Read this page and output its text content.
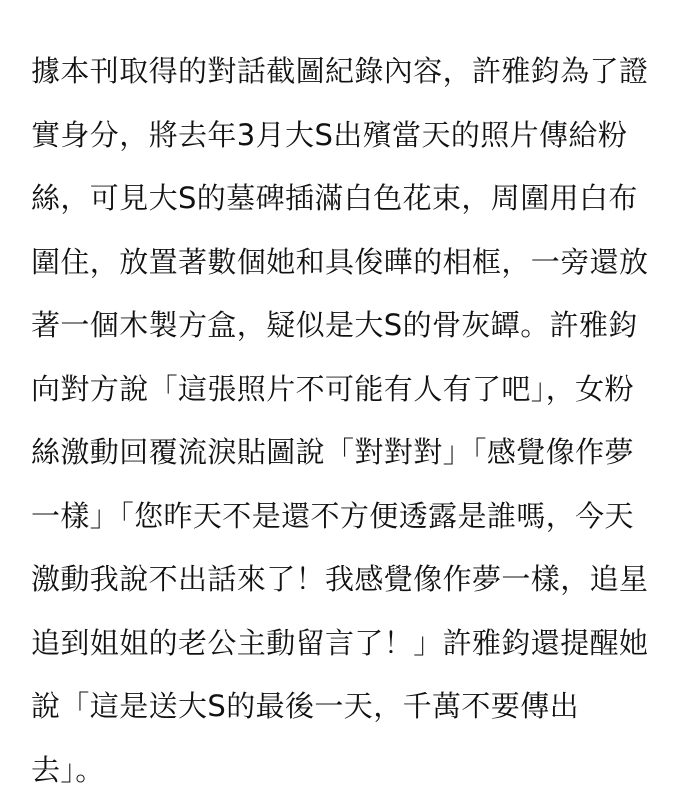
據本刊取得的對話截圖紀錄內容，許雅鈞為了證
實身分，將去年3月大S出殯當天的照片傳給粉
絲，可見大S的墓碑插滿白色花束，周圍用白布
圍住，放置著數個她和具俊曄的相框，一旁還放
著一個木製方盒，疑似是大S的骨灰罈。許雅鈞
向對方說「這張照片不可能有人有了吧」，女粉
絲激動回覆流淚貼圖說「對對對」「感覺像作夢
一樣」「您昨天不是還不方便透露是誰嗎，今天
激動我說不出話來了！我感覺像作夢一樣，追星
追到姐姐的老公主動留言了！」許雅鈞還提醒她
說「這是送大S的最後一天，千萬不要傳出
去」。
